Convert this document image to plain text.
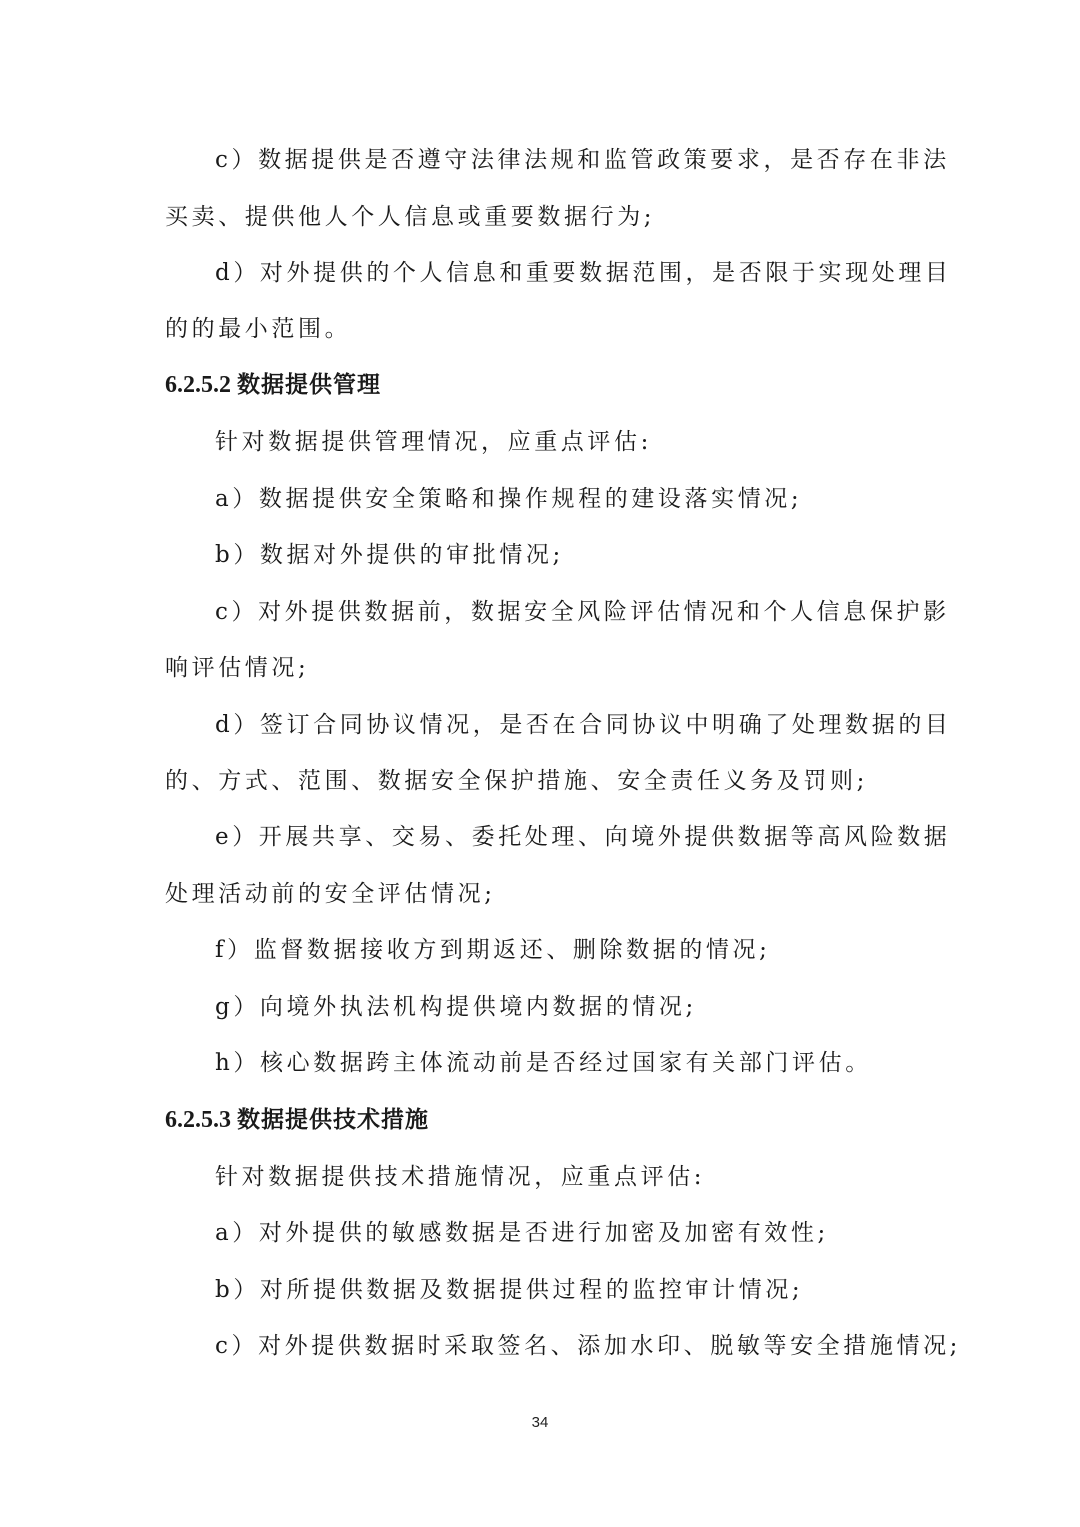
c）数据提供是否遵守法律法规和监管政策要求，是否存在非法
买卖、提供他人个人信息或重要数据行为;
d）对外提供的个人信息和重要数据范围，是否限于实现处理目
的的最小范围。
6.2.5.2 数据提供管理
针对数据提供管理情况，应重点评估:
a）数据提供安全策略和操作规程的建设落实情况;
b）数据对外提供的审批情况;
c）对外提供数据前，数据安全风险评估情况和个人信息保护影
响评估情况;
d）签订合同协议情况，是否在合同协议中明确了处理数据的目
的、方式、范围、数据安全保护措施、安全责任义务及罚则;
e）开展共享、交易、委托处理、向境外提供数据等高风险数据
处理活动前的安全评估情况;
f）监督数据接收方到期返还、删除数据的情况;
g）向境外执法机构提供境内数据的情况;
h）核心数据跨主体流动前是否经过国家有关部门评估。
6.2.5.3 数据提供技术措施
针对数据提供技术措施情况，应重点评估:
a）对外提供的敏感数据是否进行加密及加密有效性;
b）对所提供数据及数据提供过程的监控审计情况;
c）对外提供数据时采取签名、添加水印、脱敏等安全措施情况;
34
